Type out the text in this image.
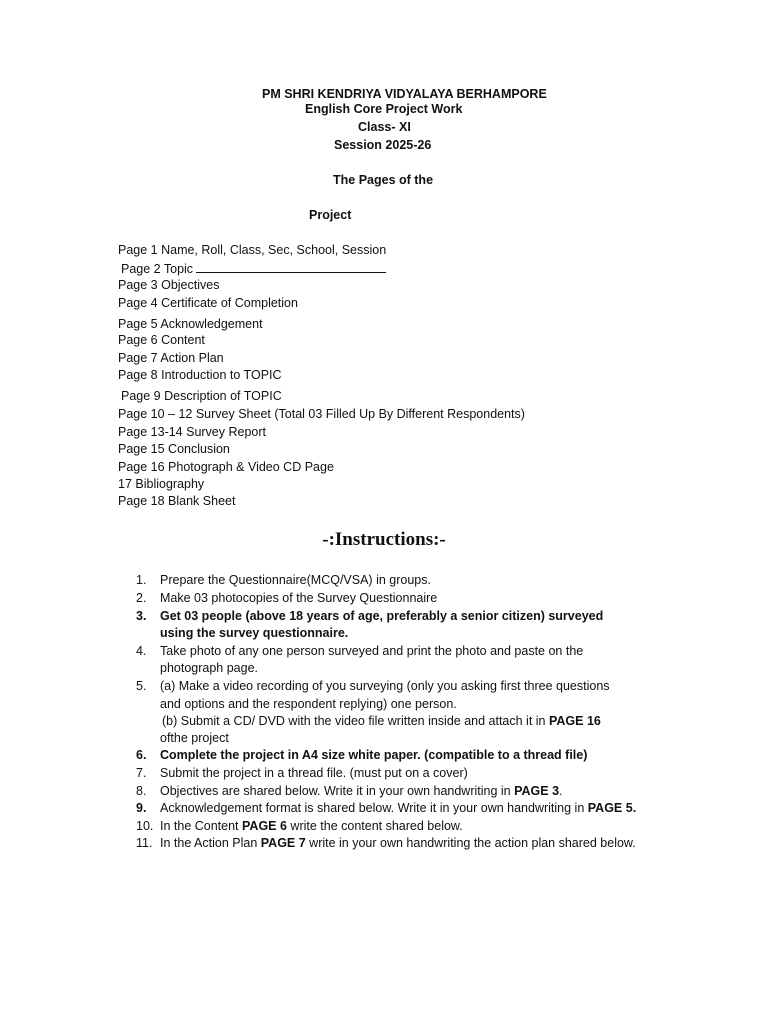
PM SHRI KENDRIYA VIDYALAYA BERHAMPORE
English Core Project Work
Class- XI
Session 2025-26
The Pages of the
Project
Page 1 Name, Roll, Class, Sec, School, Session
Page 2 Topic
Page 3 Objectives
Page 4 Certificate of Completion
Page 5 Acknowledgement
Page 6 Content
Page 7 Action Plan
Page 8 Introduction to TOPIC
Page 9 Description of TOPIC
Page 10 – 12 Survey Sheet (Total 03 Filled Up By Different Respondents)
Page 13-14 Survey Report
Page 15 Conclusion
Page 16 Photograph & Video CD Page
17 Bibliography
Page 18 Blank Sheet
-:Instructions:-
1. Prepare the Questionnaire(MCQ/VSA) in groups.
2. Make 03 photocopies of the Survey Questionnaire
3. Get 03 people (above 18 years of age, preferably a senior citizen) surveyed
using the survey questionnaire.
4. Take photo of any one person surveyed and print the photo and paste on the
photograph page.
5. (a) Make a video recording of you surveying (only you asking first three questions
and options and the respondent replying) one person.
(b) Submit a CD/ DVD with the video file written inside and attach it in PAGE 16
ofthe project
6. Complete the project in A4 size white paper. (compatible to a thread file)
7. Submit the project in a thread file. (must put on a cover)
8. Objectives are shared below. Write it in your own handwriting in PAGE 3.
9. Acknowledgement format is shared below. Write it in your own handwriting in PAGE 5.
10. In the Content PAGE 6 write the content shared below.
11. In the Action Plan PAGE 7 write in your own handwriting the action plan shared below.
